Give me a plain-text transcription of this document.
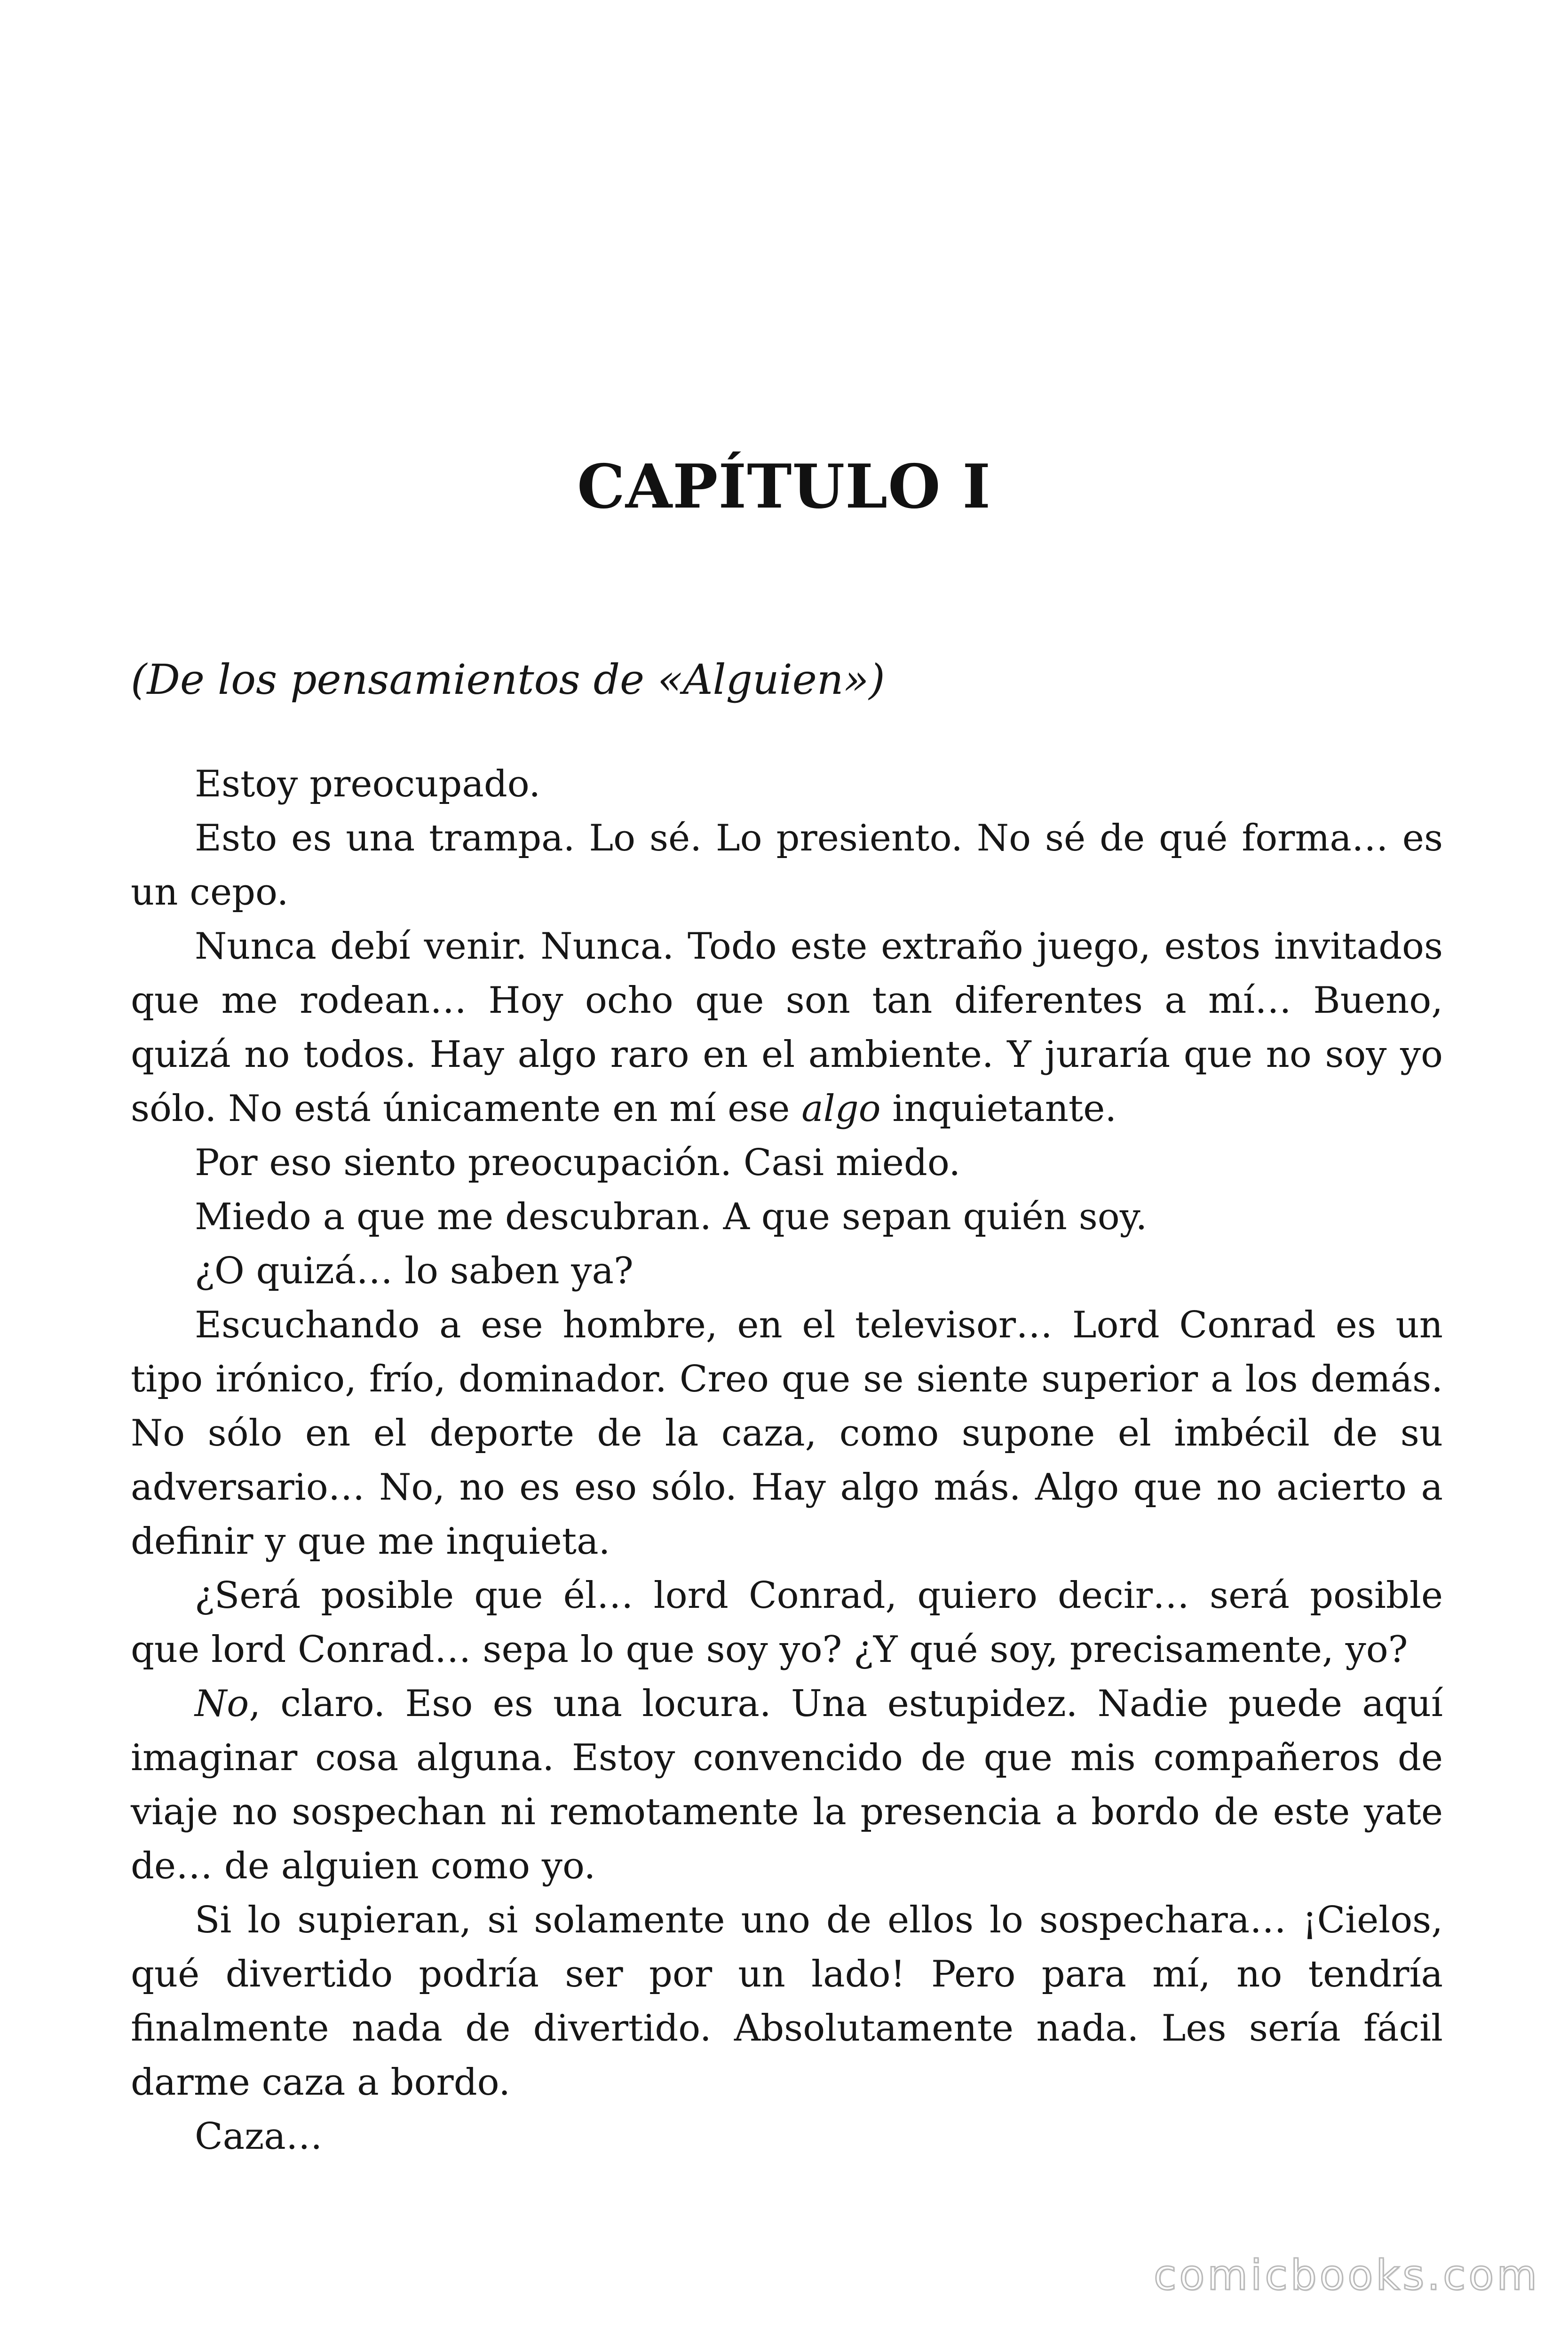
CAPÍTULO I

(De los pensamientos de «Alguien»)

Estoy preocupado.

Esto es una trampa. Lo sé. Lo presiento. No sé de qué forma… es un cepo.

Nunca debí venir. Nunca. Todo este extraño juego, estos invitados que me rodean… Hoy ocho que son tan diferentes a mí… Bueno, quizá no todos. Hay algo raro en el ambiente. Y juraría que no soy yo sólo. No está únicamente en mí ese algo inquietante.

Por eso siento preocupación. Casi miedo.

Miedo a que me descubran. A que sepan quién soy.

¿O quizá… lo saben ya?

Escuchando a ese hombre, en el televisor… Lord Conrad es un tipo irónico, frío, dominador. Creo que se siente superior a los demás. No sólo en el deporte de la caza, como supone el imbécil de su adversario… No, no es eso sólo. Hay algo más. Algo que no acierto a definir y que me inquieta.

¿Será posible que él… lord Conrad, quiero decir… será posible que lord Conrad… sepa lo que soy yo? ¿Y qué soy, precisamente, yo?

No, claro. Eso es una locura. Una estupidez. Nadie puede aquí imaginar cosa alguna. Estoy convencido de que mis compañeros de viaje no sospechan ni remotamente la presencia a bordo de este yate de… de alguien como yo.

Si lo supieran, si solamente uno de ellos lo sospechara… ¡Cielos, qué divertido podría ser por un lado! Pero para mí, no tendría finalmente nada de divertido. Absolutamente nada. Les sería fácil darme caza a bordo.

Caza…

comicbooks.com
